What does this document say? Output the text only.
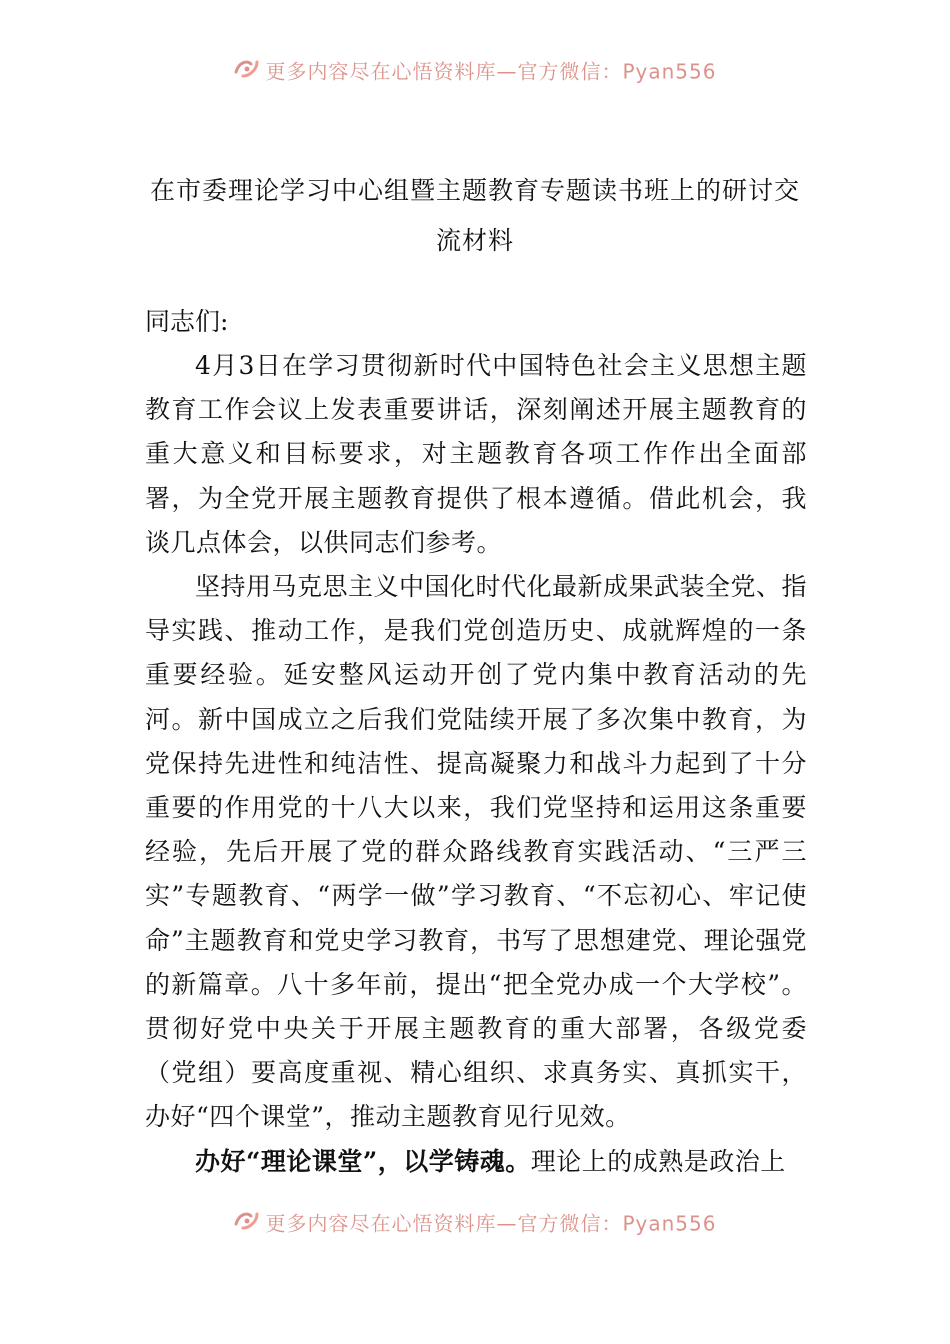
更多内容尽在心悟资料库—官方微信：Pyan556
在市委理论学习中心组暨主题教育专题读书班上的研讨交流材料

同志们:

4月3日在学习贯彻新时代中国特色社会主义思想主题教育工作会议上发表重要讲话，深刻阐述开展主题教育的重大意义和目标要求，对主题教育各项工作作出全面部署，为全党开展主题教育提供了根本遵循。借此机会，我谈几点体会，以供同志们参考。

坚持用马克思主义中国化时代化最新成果武装全党、指导实践、推动工作，是我们党创造历史、成就辉煌的一条重要经验。延安整风运动开创了党内集中教育活动的先河。新中国成立之后我们党陆续开展了多次集中教育，为党保持先进性和纯洁性、提高凝聚力和战斗力起到了十分重要的作用党的十八大以来，我们党坚持和运用这条重要经验，先后开展了党的群众路线教育实践活动、“三严三实”专题教育、“两学一做”学习教育、“不忘初心、牢记使命”主题教育和党史学习教育，书写了思想建党、理论强党的新篇章。八十多年前，提出“把全党办成一个大学校”。贯彻好党中央关于开展主题教育的重大部署，各级党委（党组）要高度重视、精心组织、求真务实、真抓实干，办好“四个课堂”，推动主题教育见行见效。

办好“理论课堂”，以学铸魂。理论上的成熟是政治上

更多内容尽在心悟资料库—官方微信：Pyan556
